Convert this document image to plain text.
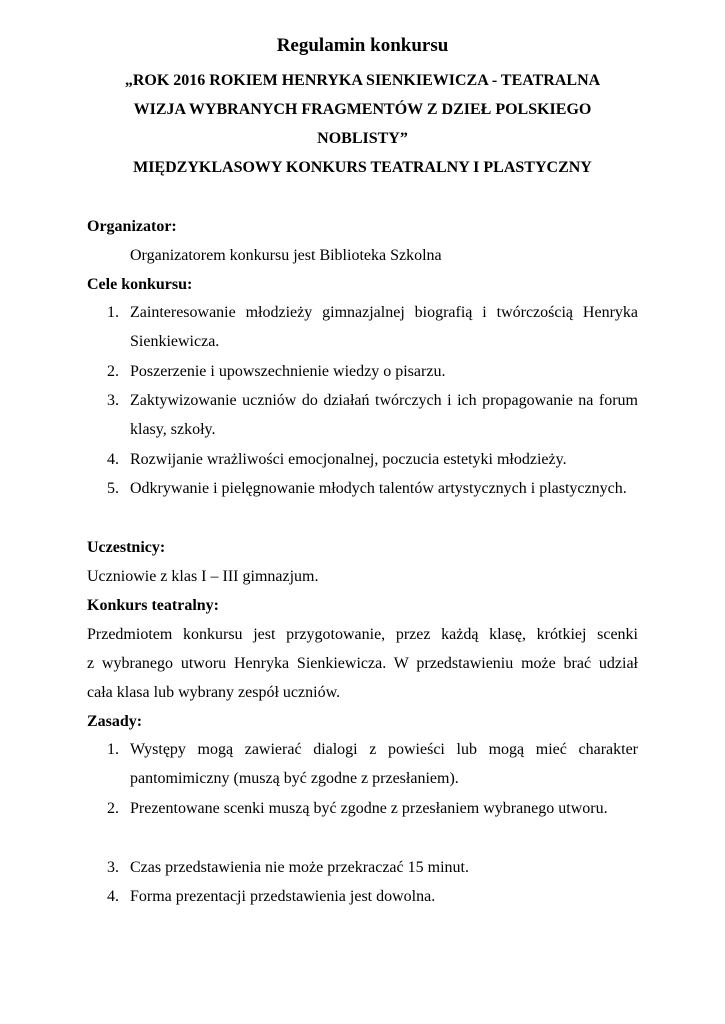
Regulamin konkursu
„ROK 2016 ROKIEM HENRYKA SIENKIEWICZA - TEATRALNA
WIZJA WYBRANYCH FRAGMENTÓW Z DZIEŁ POLSKIEGO
NOBLISTY”
MIĘDZYKLASOWY KONKURS TEATRALNY I PLASTYCZNY
Organizator:
Organizatorem konkursu jest Biblioteka Szkolna
Cele konkursu:
1. Zainteresowanie młodzieży gimnazjalnej biografią i twórczością Henryka Sienkiewicza.
2. Poszerzenie i upowszechnienie wiedzy o pisarzu.
3. Zaktywizowanie uczniów do działań twórczych i ich propagowanie na forum klasy, szkoły.
4. Rozwijanie wrażliwości emocjonalnej, poczucia estetyki młodzieży.
5. Odkrywanie i pielęgnowanie młodych talentów artystycznych i plastycznych.
Uczestnicy:
Uczniowie z klas I – III gimnazjum.
Konkurs teatralny:
Przedmiotem konkursu jest przygotowanie, przez każdą klasę, krótkiej scenki
z wybranego utworu Henryka Sienkiewicza. W przedstawieniu może brać udział
cała klasa lub wybrany zespół uczniów.
Zasady:
1. Występy mogą zawierać dialogi z powieści lub mogą mieć charakter pantomimiczny (muszą być zgodne z przesłaniem).
2. Prezentowane scenki muszą być zgodne z przesłaniem wybranego utworu.
3. Czas przedstawienia nie może przekraczać 15 minut.
4. Forma prezentacji przedstawienia jest dowolna.
